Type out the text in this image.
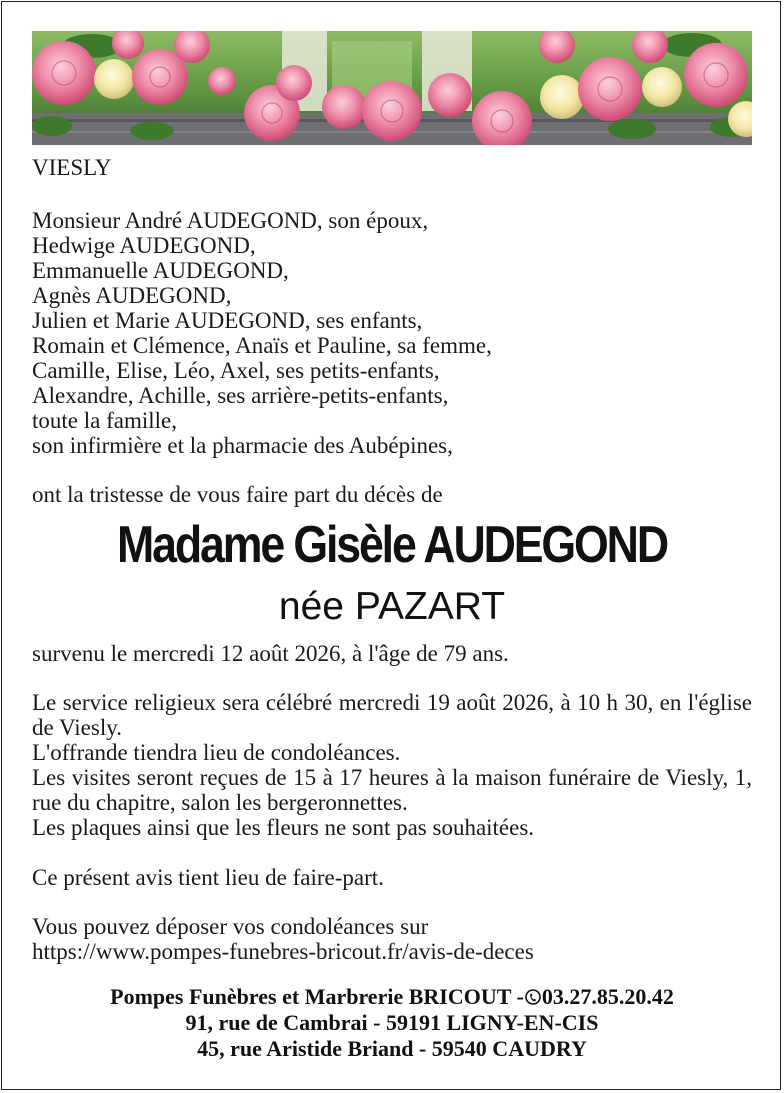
VIESLY
Monsieur André AUDEGOND, son époux,
Hedwige AUDEGOND,
Emmanuelle AUDEGOND,
Agnès AUDEGOND,
Julien et Marie AUDEGOND, ses enfants,
Romain et Clémence, Anaïs et Pauline, sa femme,
Camille, Elise, Léo, Axel, ses petits-enfants,
Alexandre, Achille, ses arrière-petits-enfants,
toute la famille,
son infirmière et la pharmacie des Aubépines,
ont la tristesse de vous faire part du décès de
Madame Gisèle AUDEGOND
née PAZART
survenu le mercredi 12 août 2026, à l'âge de 79 ans.
Le service religieux sera célébré mercredi 19 août 2026, à 10 h 30, en l'église de Viesly.
L'offrande tiendra lieu de condoléances.
Les visites seront reçues de 15 à 17 heures à la maison funéraire de Viesly, 1, rue du chapitre, salon les bergeronnettes.
Les plaques ainsi que les fleurs ne sont pas souhaitées.
Ce présent avis tient lieu de faire-part.
Vous pouvez déposer vos condoléances sur
https://www.pompes-funebres-bricout.fr/avis-de-deces
Pompes Funèbres et Marbrerie BRICOUT - 03.27.85.20.42
91, rue de Cambrai - 59191 LIGNY-EN-CIS
45, rue Aristide Briand - 59540 CAUDRY
